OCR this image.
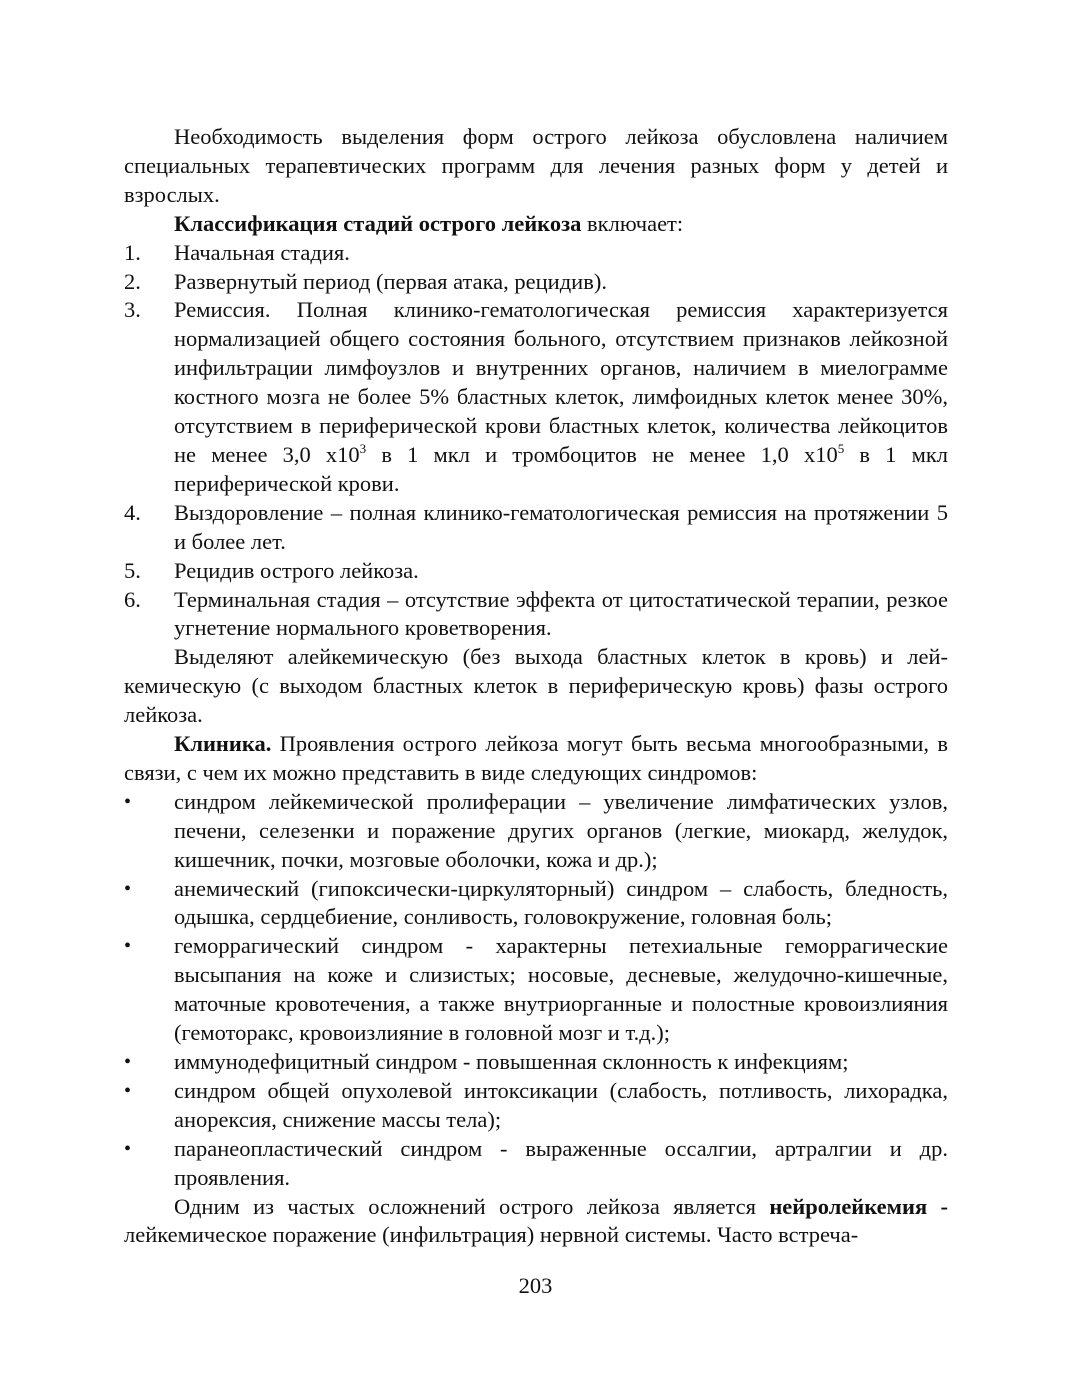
Необходимость выделения форм острого лейкоза обусловлена наличием специальных терапевтических программ для лечения разных форм у детей и взрослых.

Классификация стадий острого лейкоза включает:

1. Начальная стадия.
2. Развернутый период (первая атака, рецидив).
3. Ремиссия. Полная клинико-гематологическая ремиссия характеризуется нормализацией общего состояния больного, отсутствием признаков лейкозной инфильтрации лимфоузлов и внутренних органов, наличием в миелограмме костного мозга не более 5% бластных клеток, лимфоидных клеток менее 30%, отсутствием в периферической крови бластных клеток, количества лейкоцитов не менее 3,0 $х10^3$ в 1 мкл и тромбоцитов не менее 1,0 $х10^5$ в 1 мкл периферической крови.
4. Выздоровление – полная клинико-гематологическая ремиссия на протяжении 5 и более лет.
5. Рецидив острого лейкоза.
6. Терминальная стадия – отсутствие эффекта от цитостатической терапии, резкое угнетение нормального кроветворения.

Выделяют алейкемическую (без выхода бластных клеток в кровь) и лейкемическую (с выходом бластных клеток в периферическую кровь) фазы острого лейкоза.

Клиника. Проявления острого лейкоза могут быть весьма многообразными, в связи, с чем их можно представить в виде следующих синдромов:

•	синдром лейкемической пролиферации – увеличение лимфатических узлов, печени, селезенки и поражение других органов (легкие, миокард, желудок, кишечник, почки, мозговые оболочки, кожа и др.);
•	анемический (гипоксически-циркуляторный) синдром – слабость, бледность, одышка, сердцебиение, сонливость, головокружение, головная боль;
•	геморрагический синдром - характерны петехиальные геморрагические высыпания на коже и слизистых; носовые, десневые, желудочно-кишечные, маточные кровотечения, а также внутриорганные и полостные кровоизлияния (гемоторакс, кровоизлияние в головной мозг и т.д.);
•	иммунодефицитный синдром - повышенная склонность к инфекциям;
•	синдром общей опухолевой интоксикации (слабость, потливость, лихорадка, анорексия, снижение массы тела);
•	паранеопластический синдром - выраженные оссалгии, артралгии и др. проявления.

Одним из частых осложнений острого лейкоза является нейролейкемия - лейкемическое поражение (инфильтрация) нервной системы. Часто встреча-

203
